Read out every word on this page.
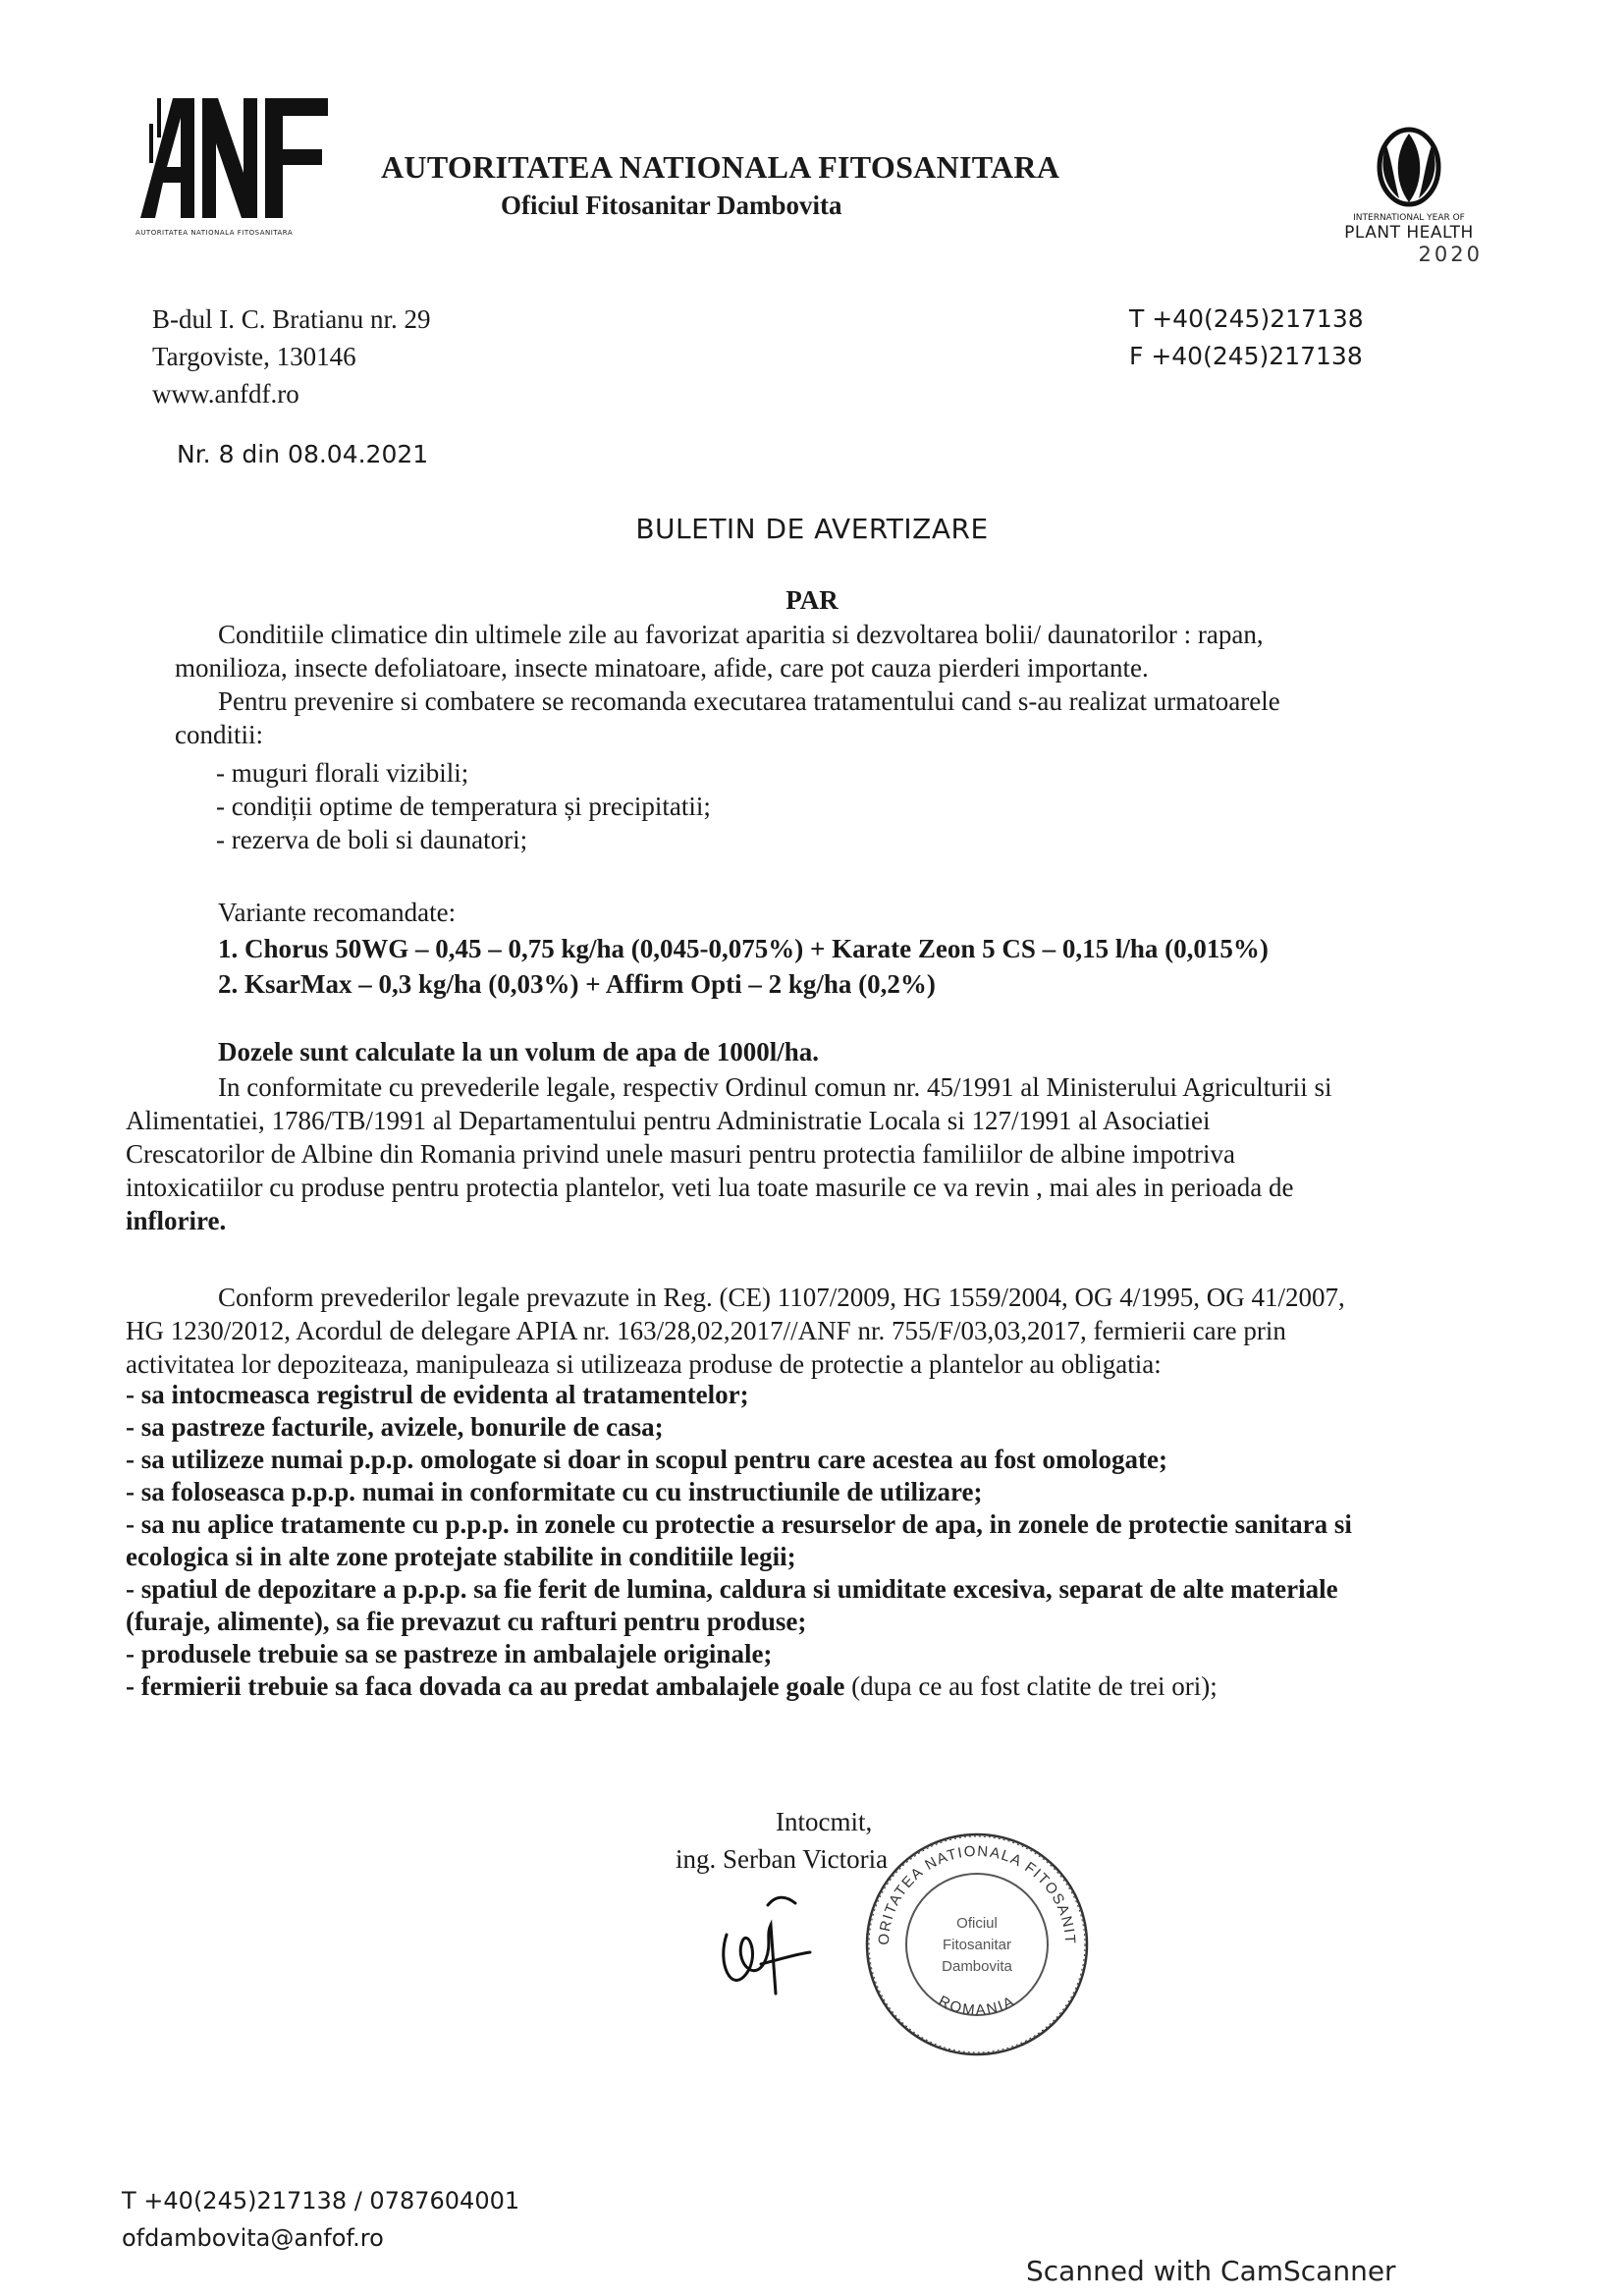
AUTORITATEA NATIONALA FITOSANITARA
AUTORITATEA NATIONALA FITOSANITARA
Oficiul Fitosanitar Dambovita	INTERNATIONAL YEAR OF
PLANT HEALTH
2020
B-dul I. C. Bratianu nr. 29
Targoviste, 130146
www.anfdf.ro
T +40(245)217138
F +40(245)217138
Nr. 8 din 08.04.2021
BULETIN DE AVERTIZARE
PAR

Conditiile climatice din ultimele zile au favorizat aparitia si dezvoltarea bolii/ daunatorilor : rapan,

monilioza, insecte defoliatoare, insecte minatoare, afide, care pot cauza pierderi importante.

Pentru prevenire si combatere se recomanda executarea tratamentului cand s-au realizat urmatoarele

conditii:

- muguri florali vizibili;

- condiții optime de temperatura și precipitatii;

- rezerva de boli si daunatori;

Variante recomandate:

1. Chorus 50WG – 0,45 – 0,75 kg/ha (0,045-0,075%) + Karate Zeon 5 CS – 0,15 l/ha (0,015%)

2. KsarMax – 0,3 kg/ha (0,03%) + Affirm Opti – 2 kg/ha (0,2%)

Dozele sunt calculate la un volum de apa de 1000l/ha.

In conformitate cu prevederile legale, respectiv Ordinul comun nr. 45/1991 al Ministerului Agriculturii si

Alimentatiei, 1786/TB/1991 al Departamentului pentru Administratie Locala si 127/1991 al Asociatiei

Crescatorilor de Albine din Romania privind unele masuri pentru protectia familiilor de albine impotriva

intoxicatiilor cu produse pentru protectia plantelor, veti lua toate masurile ce va revin , mai ales in perioada de

inflorire.

Conform prevederilor legale prevazute in Reg. (CE) 1107/2009, HG 1559/2004, OG 4/1995, OG 41/2007,

HG 1230/2012, Acordul de delegare APIA nr. 163/28,02,2017//ANF nr. 755/F/03,03,2017, fermierii care prin

activitatea lor depoziteaza, manipuleaza si utilizeaza produse de protectie a plantelor au obligatia:

- sa intocmeasca registrul de evidenta al tratamentelor;

- sa pastreze facturile, avizele, bonurile de casa;

- sa utilizeze numai p.p.p. omologate si doar in scopul pentru care acestea au fost omologate;

- sa foloseasca p.p.p. numai in conformitate cu cu instructiunile de utilizare;

- sa nu aplice tratamente cu p.p.p. in zonele cu protectie a resurselor de apa, in zonele de protectie sanitara si

ecologica si in alte zone protejate stabilite in conditiile legii;

- spatiul de depozitare a p.p.p. sa fie ferit de lumina, caldura si umiditate excesiva, separat de alte materiale

(furaje, alimente), sa fie prevazut cu rafturi pentru produse;

- produsele trebuie sa se pastreze in ambalajele originale;

- fermierii trebuie sa faca dovada ca au predat ambalajele goale (dupa ce au fost clatite de trei ori);

Intocmit,
ing. Serban Victoria
ORITATEA NATIONALA FITOSANIT
ROMANIA
Oficiul
Fitosanitar
Dambovita
T +40(245)217138 / 0787604001
ofdambovita@anfof.ro
Scanned with CamScanner
